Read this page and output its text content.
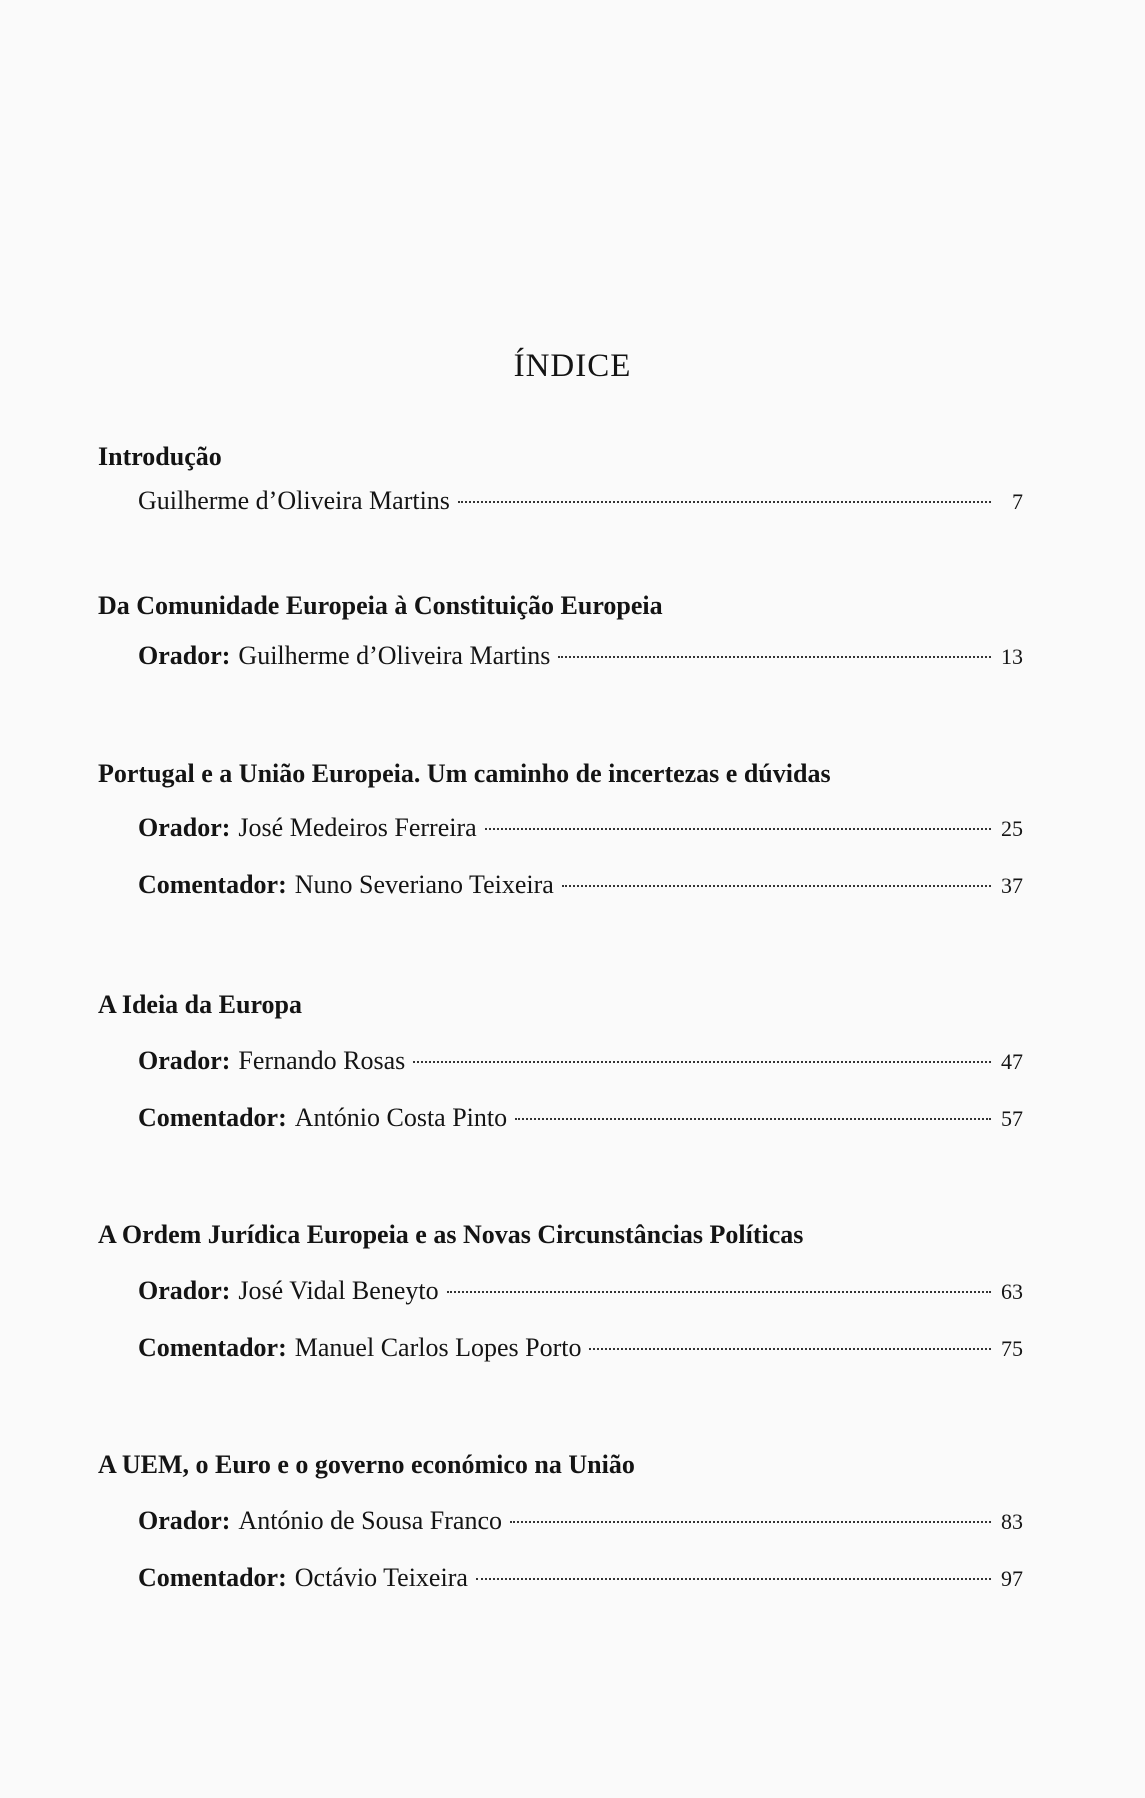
ÍNDICE
Introdução
Guilherme d’Oliveira Martins	7
Da Comunidade Europeia à Constituição Europeia
Orador: Guilherme d’Oliveira Martins	13
Portugal e a União Europeia. Um caminho de incertezas e dúvidas
Orador: José Medeiros Ferreira	25
Comentador: Nuno Severiano Teixeira	37
A Ideia da Europa
Orador: Fernando Rosas	47
Comentador: António Costa Pinto	57
A Ordem Jurídica Europeia e as Novas Circunstâncias Políticas
Orador: José Vidal Beneyto	63
Comentador: Manuel Carlos Lopes Porto	75
A UEM, o Euro e o governo económico na União
Orador: António de Sousa Franco	83
Comentador: Octávio Teixeira	97
